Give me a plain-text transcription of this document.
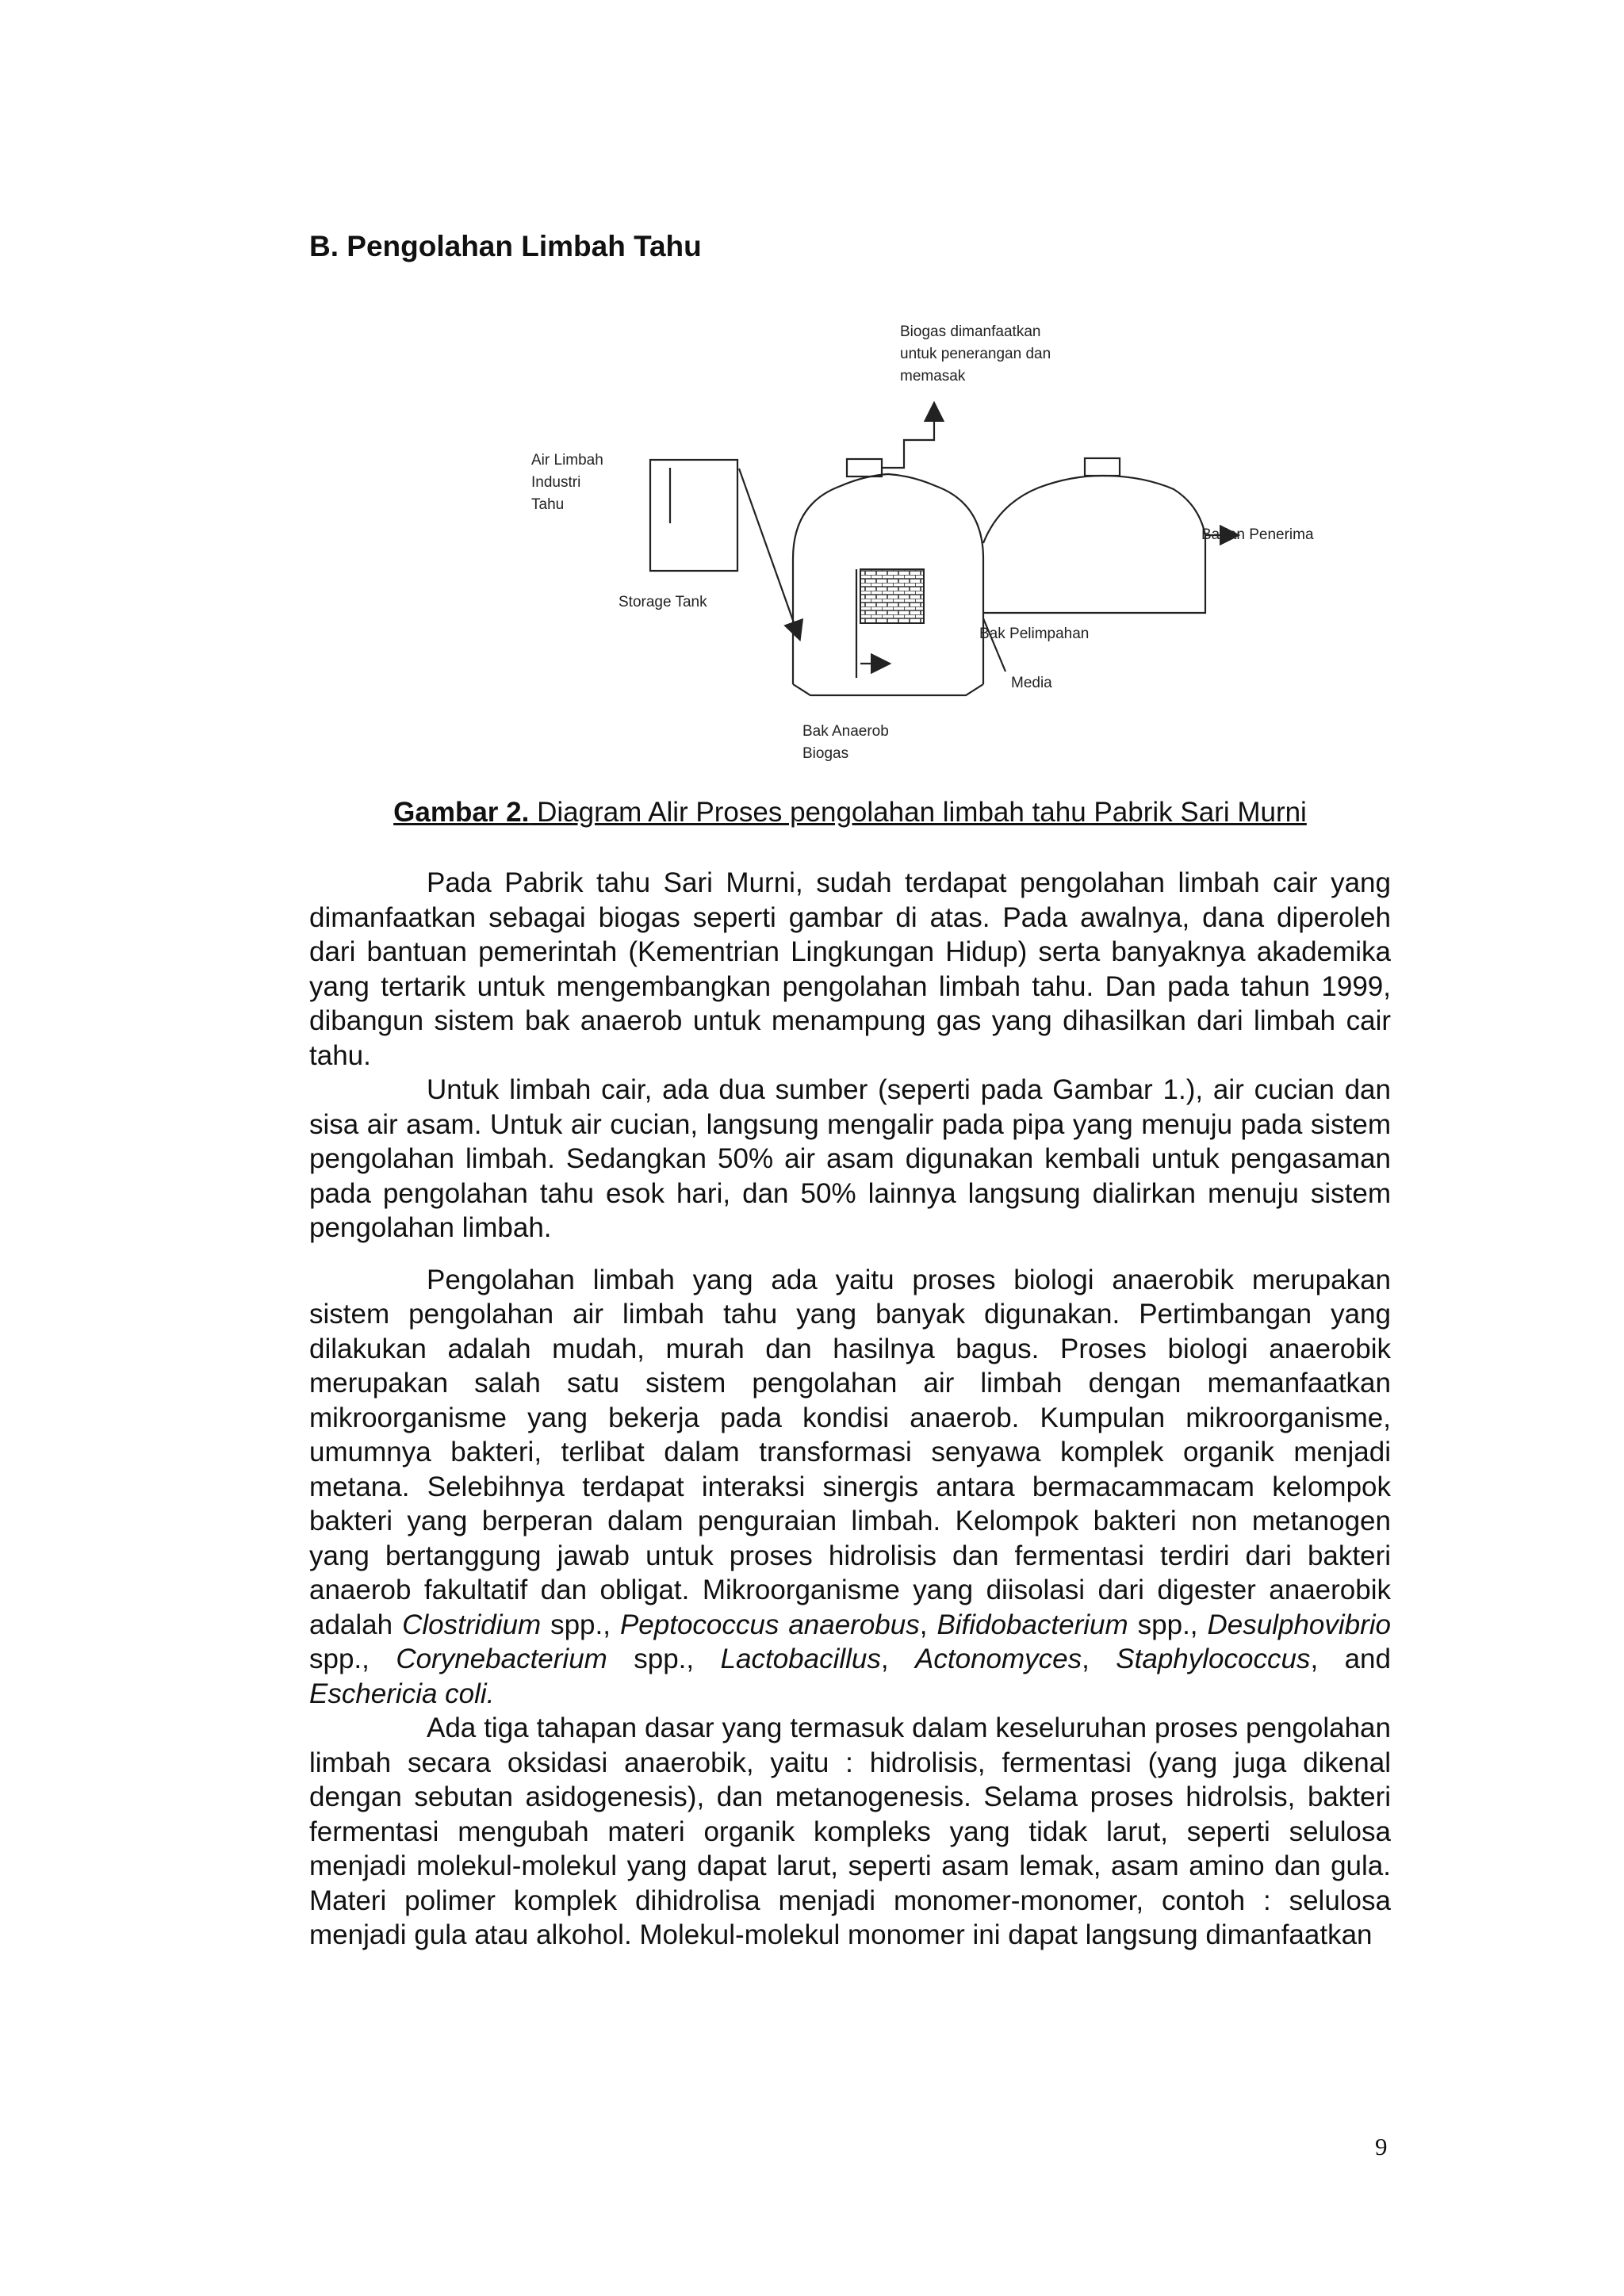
B. Pengolahan Limbah Tahu
Biogas dimanfaatkan
untuk penerangan dan
memasak
Air Limbah
Industri
Tahu
Storage Tank
Badan Penerima
Bak Pelimpahan
Media
Bak Anaerob
Biogas

Gambar 2. Diagram Alir Proses pengolahan limbah tahu Pabrik Sari Murni

Pada Pabrik tahu Sari Murni, sudah terdapat pengolahan limbah cair yang dimanfaatkan sebagai biogas seperti gambar di atas. Pada awalnya, dana diperoleh dari bantuan pemerintah (Kementrian Lingkungan Hidup) serta banyaknya akademika yang tertarik untuk mengembangkan pengolahan limbah tahu. Dan pada tahun 1999, dibangun sistem bak anaerob untuk menampung gas yang dihasilkan dari limbah cair tahu.

Untuk limbah cair, ada dua sumber (seperti pada Gambar 1.), air cucian dan sisa air asam. Untuk air cucian, langsung mengalir pada pipa yang menuju pada sistem pengolahan limbah. Sedangkan 50% air asam digunakan kembali untuk pengasaman pada pengolahan tahu esok hari, dan 50% lainnya langsung dialirkan menuju sistem pengolahan limbah.

Pengolahan limbah yang ada yaitu proses biologi anaerobik merupakan sistem pengolahan air limbah tahu yang banyak digunakan. Pertimbangan yang dilakukan adalah mudah, murah dan hasilnya bagus. Proses biologi anaerobik merupakan salah satu sistem pengolahan air limbah dengan memanfaatkan mikroorganisme yang bekerja pada kondisi anaerob. Kumpulan mikroorganisme, umumnya bakteri, terlibat dalam transformasi senyawa komplek organik menjadi metana. Selebihnya terdapat interaksi sinergis antara bermacammacam kelompok bakteri yang berperan dalam penguraian limbah. Kelompok bakteri non metanogen yang bertanggung jawab untuk proses hidrolisis dan fermentasi terdiri dari bakteri anaerob fakultatif dan obligat. Mikroorganisme yang diisolasi dari digester anaerobik adalah Clostridium spp., Peptococcus anaerobus, Bifidobacterium spp., Desulphovibrio spp., Corynebacterium spp., Lactobacillus, Actonomyces, Staphylococcus, and Eschericia coli.

Ada tiga tahapan dasar yang termasuk dalam keseluruhan proses pengolahan limbah secara oksidasi anaerobik, yaitu : hidrolisis, fermentasi (yang juga dikenal dengan sebutan asidogenesis), dan metanogenesis. Selama proses hidrolsis, bakteri fermentasi mengubah materi organik kompleks yang tidak larut, seperti selulosa menjadi molekul-molekul yang dapat larut, seperti asam lemak, asam amino dan gula. Materi polimer komplek dihidrolisa menjadi monomer-monomer, contoh : selulosa menjadi gula atau alkohol. Molekul-molekul monomer ini dapat langsung dimanfaatkan

9
